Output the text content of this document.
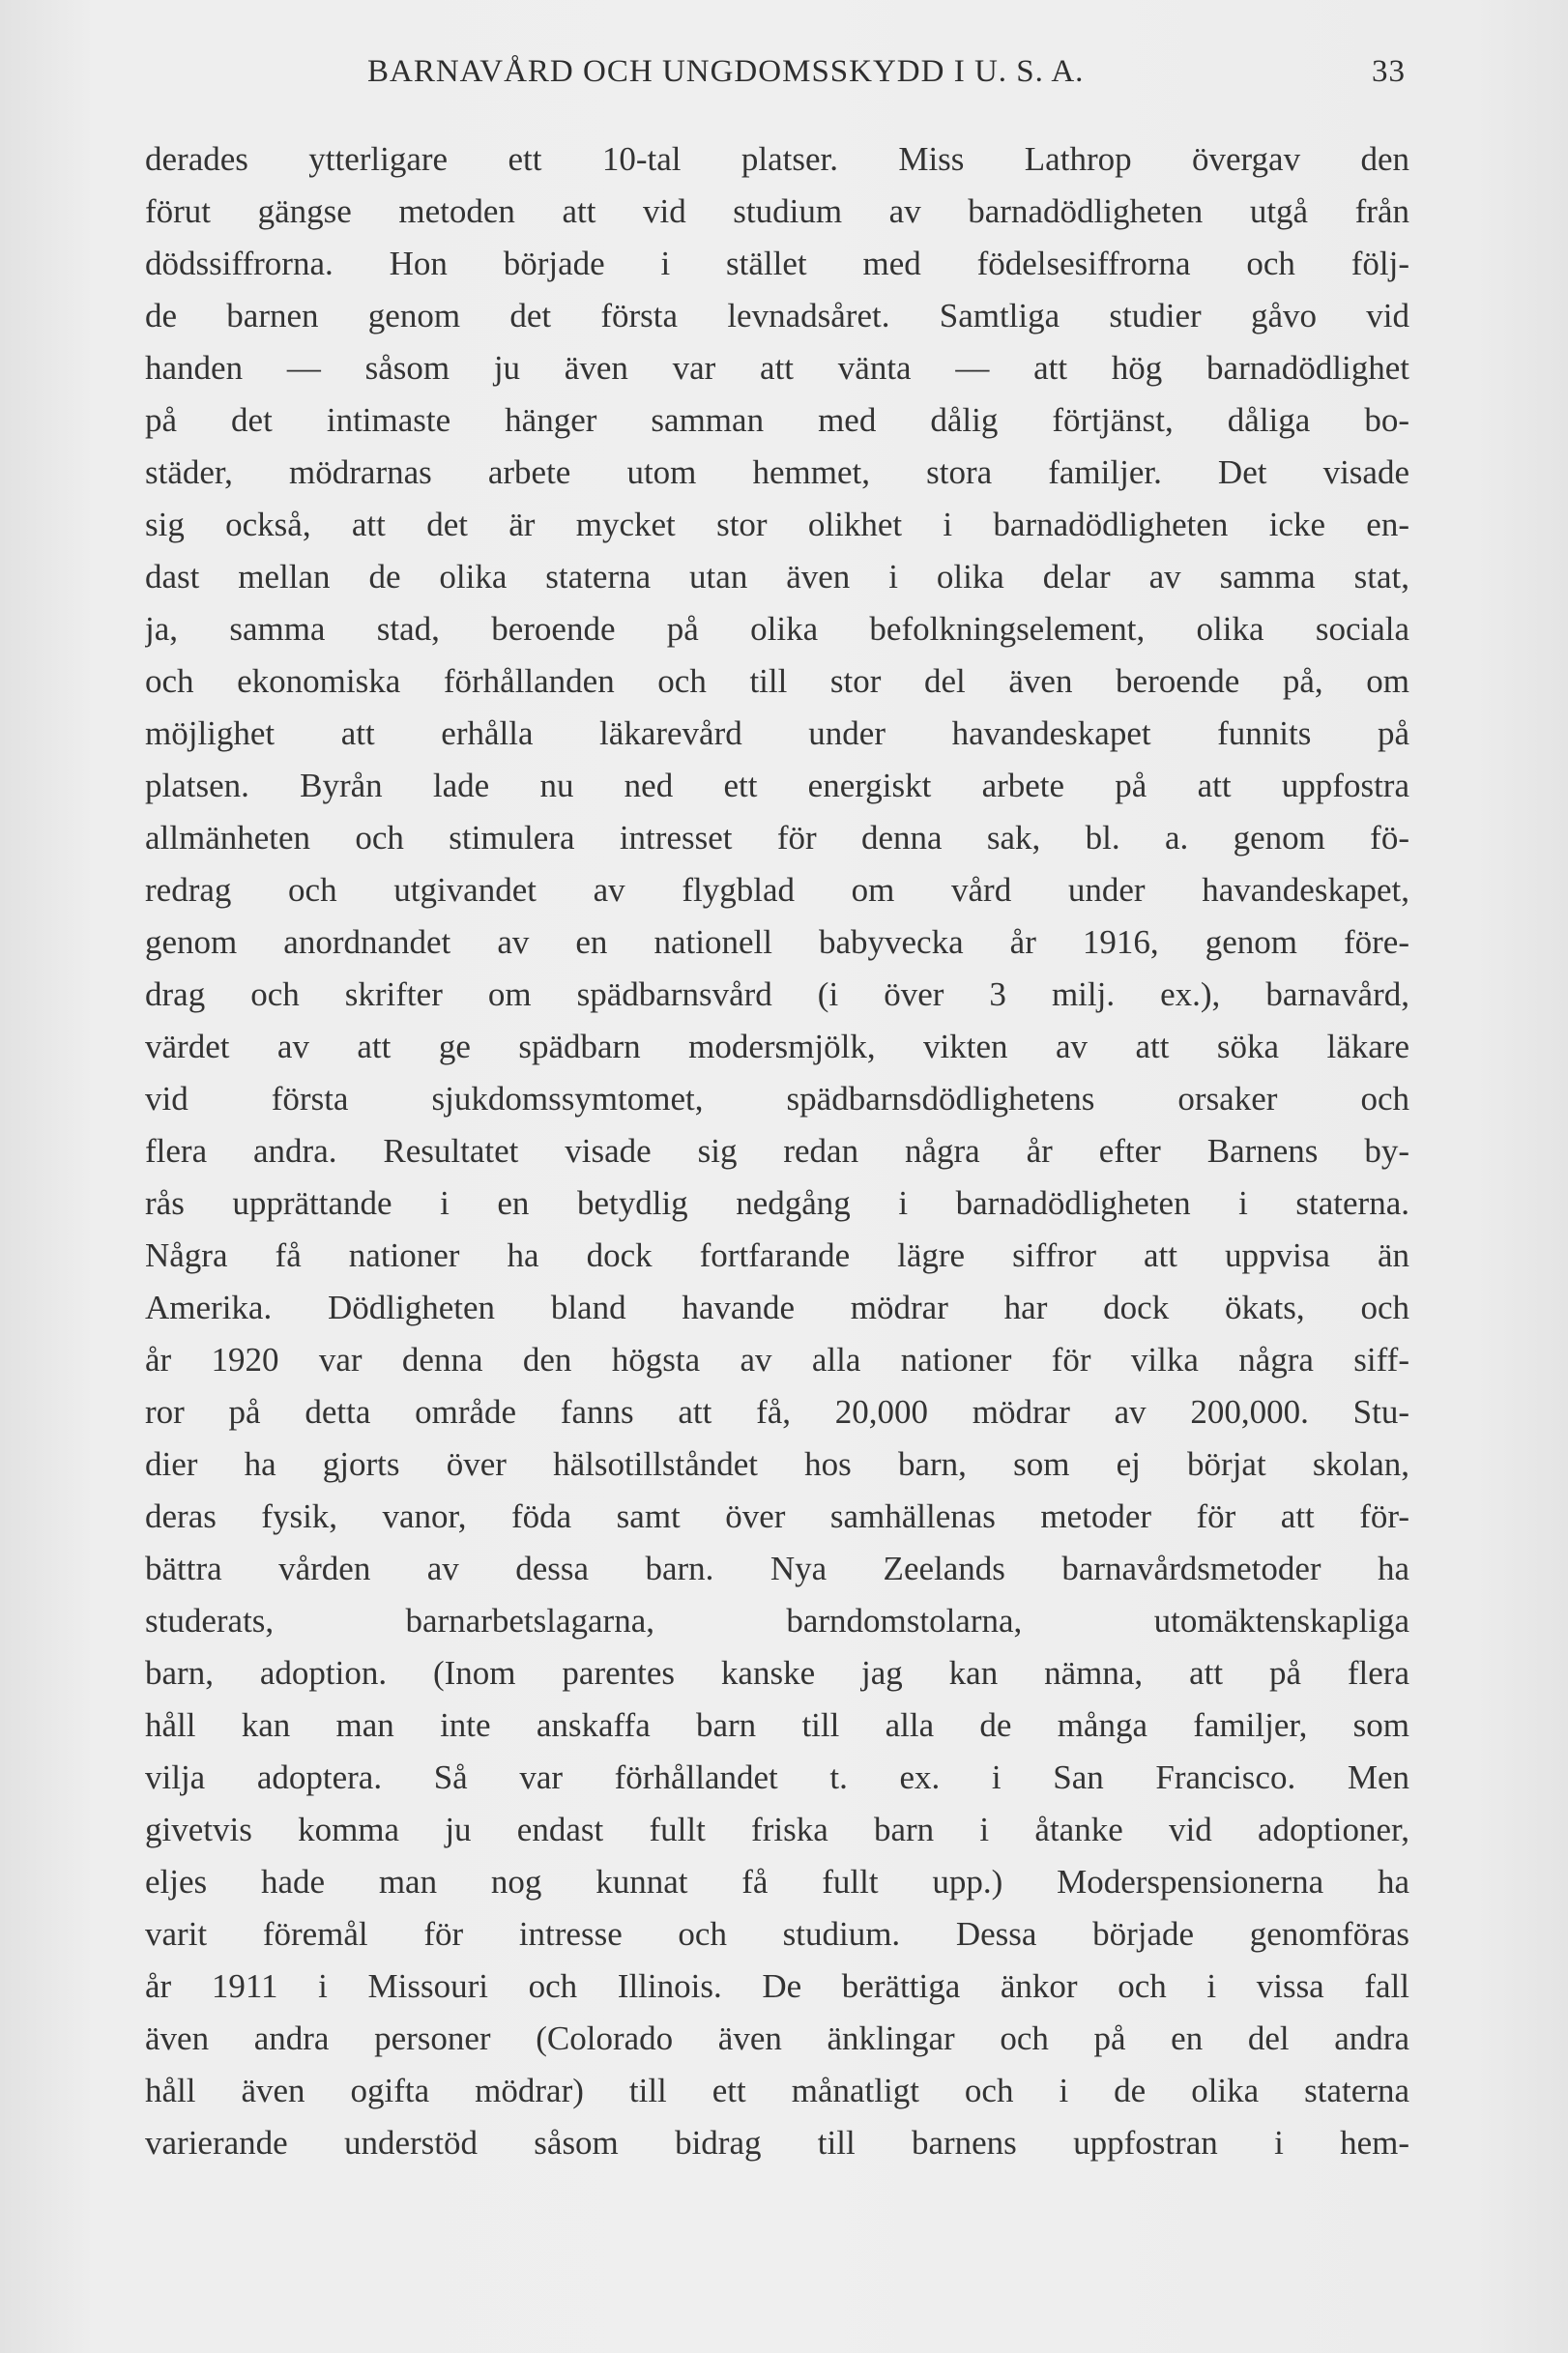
BARNAVÅRD OCH UNGDOMSSKYDD I U. S. A.	33
derades ytterligare ett 10-tal platser. Miss Lathrop övergav den
förut gängse metoden att vid studium av barnadödligheten utgå från
dödssiffrorna. Hon började i stället med födelsesiffrorna och följ-
de barnen genom det första levnadsåret. Samtliga studier gåvo vid
handen — såsom ju även var att vänta — att hög barnadödlighet
på det intimaste hänger samman med dålig förtjänst, dåliga bo-
städer, mödrarnas arbete utom hemmet, stora familjer. Det visade
sig också, att det är mycket stor olikhet i barnadödligheten icke en-
dast mellan de olika staterna utan även i olika delar av samma stat,
ja, samma stad, beroende på olika befolkningselement, olika sociala
och ekonomiska förhållanden och till stor del även beroende på, om
möjlighet att erhålla läkarevård under havandeskapet funnits på
platsen. Byrån lade nu ned ett energiskt arbete på att uppfostra
allmänheten och stimulera intresset för denna sak, bl. a. genom fö-
redrag och utgivandet av flygblad om vård under havandeskapet,
genom anordnandet av en nationell babyvecka år 1916, genom före-
drag och skrifter om spädbarnsvård (i över 3 milj. ex.), barnavård,
värdet av att ge spädbarn modersmjölk, vikten av att söka läkare
vid första sjukdomssymtomet, spädbarnsdödlighetens orsaker och
flera andra. Resultatet visade sig redan några år efter Barnens by-
rås upprättande i en betydlig nedgång i barnadödligheten i staterna.
Några få nationer ha dock fortfarande lägre siffror att uppvisa än
Amerika. Dödligheten bland havande mödrar har dock ökats, och
år 1920 var denna den högsta av alla nationer för vilka några siff-
ror på detta område fanns att få, 20,000 mödrar av 200,000. Stu-
dier ha gjorts över hälsotillståndet hos barn, som ej börjat skolan,
deras fysik, vanor, föda samt över samhällenas metoder för att för-
bättra vården av dessa barn. Nya Zeelands barnavårdsmetoder ha
studerats, barnarbetslagarna, barndomstolarna, utomäktenskapliga
barn, adoption. (Inom parentes kanske jag kan nämna, att på flera
håll kan man inte anskaffa barn till alla de många familjer, som
vilja adoptera. Så var förhållandet t. ex. i San Francisco. Men
givetvis komma ju endast fullt friska barn i åtanke vid adoptioner,
eljes hade man nog kunnat få fullt upp.) Moderspensionerna ha
varit föremål för intresse och studium. Dessa började genomföras
år 1911 i Missouri och Illinois. De berättiga änkor och i vissa fall
även andra personer (Colorado även änklingar och på en del andra
håll även ogifta mödrar) till ett månatligt och i de olika staterna
varierande understöd såsom bidrag till barnens uppfostran i hem-
